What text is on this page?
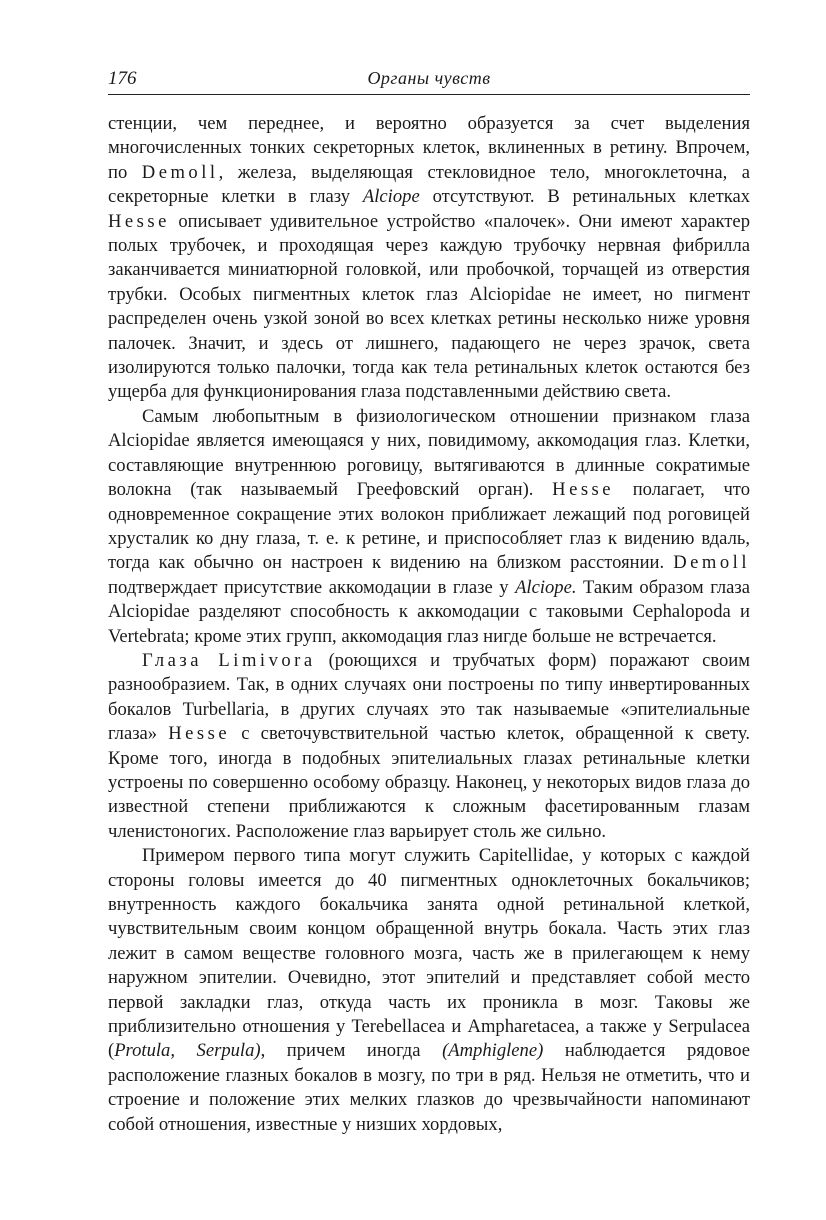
176	Органы чувств

стенции, чем переднее, и вероятно образуется за счет выделения многочисленных тонких секреторных клеток, вклиненных в ретину. Впрочем, по Demoll, железа, выделяющая стекловидное тело, многоклеточна, а секреторные клетки в глазу Alciope отсутствуют. В ретинальных клетках Hesse описывает удивительное устройство «палочек». Они имеют характер полых трубочек, и проходящая через каждую трубочку нервная фибрилла заканчивается миниатюрной головкой, или пробочкой, торчащей из отверстия трубки. Особых пигментных клеток глаз Alciopidae не имеет, но пигмент распределен очень узкой зоной во всех клетках ретины несколько ниже уровня палочек. Значит, и здесь от лишнего, падающего не через зрачок, света изолируются только палочки, тогда как тела ретинальных клеток остаются без ущерба для функционирования глаза подставленными действию света.

Самым любопытным в физиологическом отношении признаком глаза Alciopidae является имеющаяся у них, повидимому, аккомодация глаз. Клетки, составляющие внутреннюю роговицу, вытягиваются в длинные сократимые волокна (так называемый Греефовский орган). Hesse полагает, что одновременное сокращение этих волокон приближает лежащий под роговицей хрусталик ко дну глаза, т. е. к ретине, и приспособляет глаз к видению вдаль, тогда как обычно он настроен к видению на близком расстоянии. Demoll подтверждает присутствие аккомодации в глазе у Alciope. Таким образом глаза Alciopidae разделяют способность к аккомодации с таковыми Cephalopoda и Vertebrata; кроме этих групп, аккомодация глаз нигде больше не встречается.

Глаза Limivora (роющихся и трубчатых форм) поражают своим разнообразием. Так, в одних случаях они построены по типу инвертированных бокалов Turbellaria, в других случаях это так называемые «эпителиальные глаза» Hesse с светочувствительной частью клеток, обращенной к свету. Кроме того, иногда в подобных эпителиальных глазах ретинальные клетки устроены по совершенно особому образцу. Наконец, у некоторых видов глаза до известной степени приближаются к сложным фасетированным глазам членистоногих. Расположение глаз варьирует столь же сильно.

Примером первого типа могут служить Capitellidae, у которых с каждой стороны головы имеется до 40 пигментных одноклеточных бокальчиков; внутренность каждого бокальчика занята одной ретинальной клеткой, чувствительным своим концом обращенной внутрь бокала. Часть этих глаз лежит в самом веществе головного мозга, часть же в прилегающем к нему наружном эпителии. Очевидно, этот эпителий и представляет собой место первой закладки глаз, откуда часть их проникла в мозг. Таковы же приблизительно отношения у Terebellacea и Ampharetacea, а также у Serpulacea (Protula, Serpula), причем иногда (Amphiglene) наблюдается рядовое расположение глазных бокалов в мозгу, по три в ряд. Нельзя не отметить, что и строение и положение этих мелких глазков до чрезвычайности напоминают собой отношения, известные у низших хордовых,
